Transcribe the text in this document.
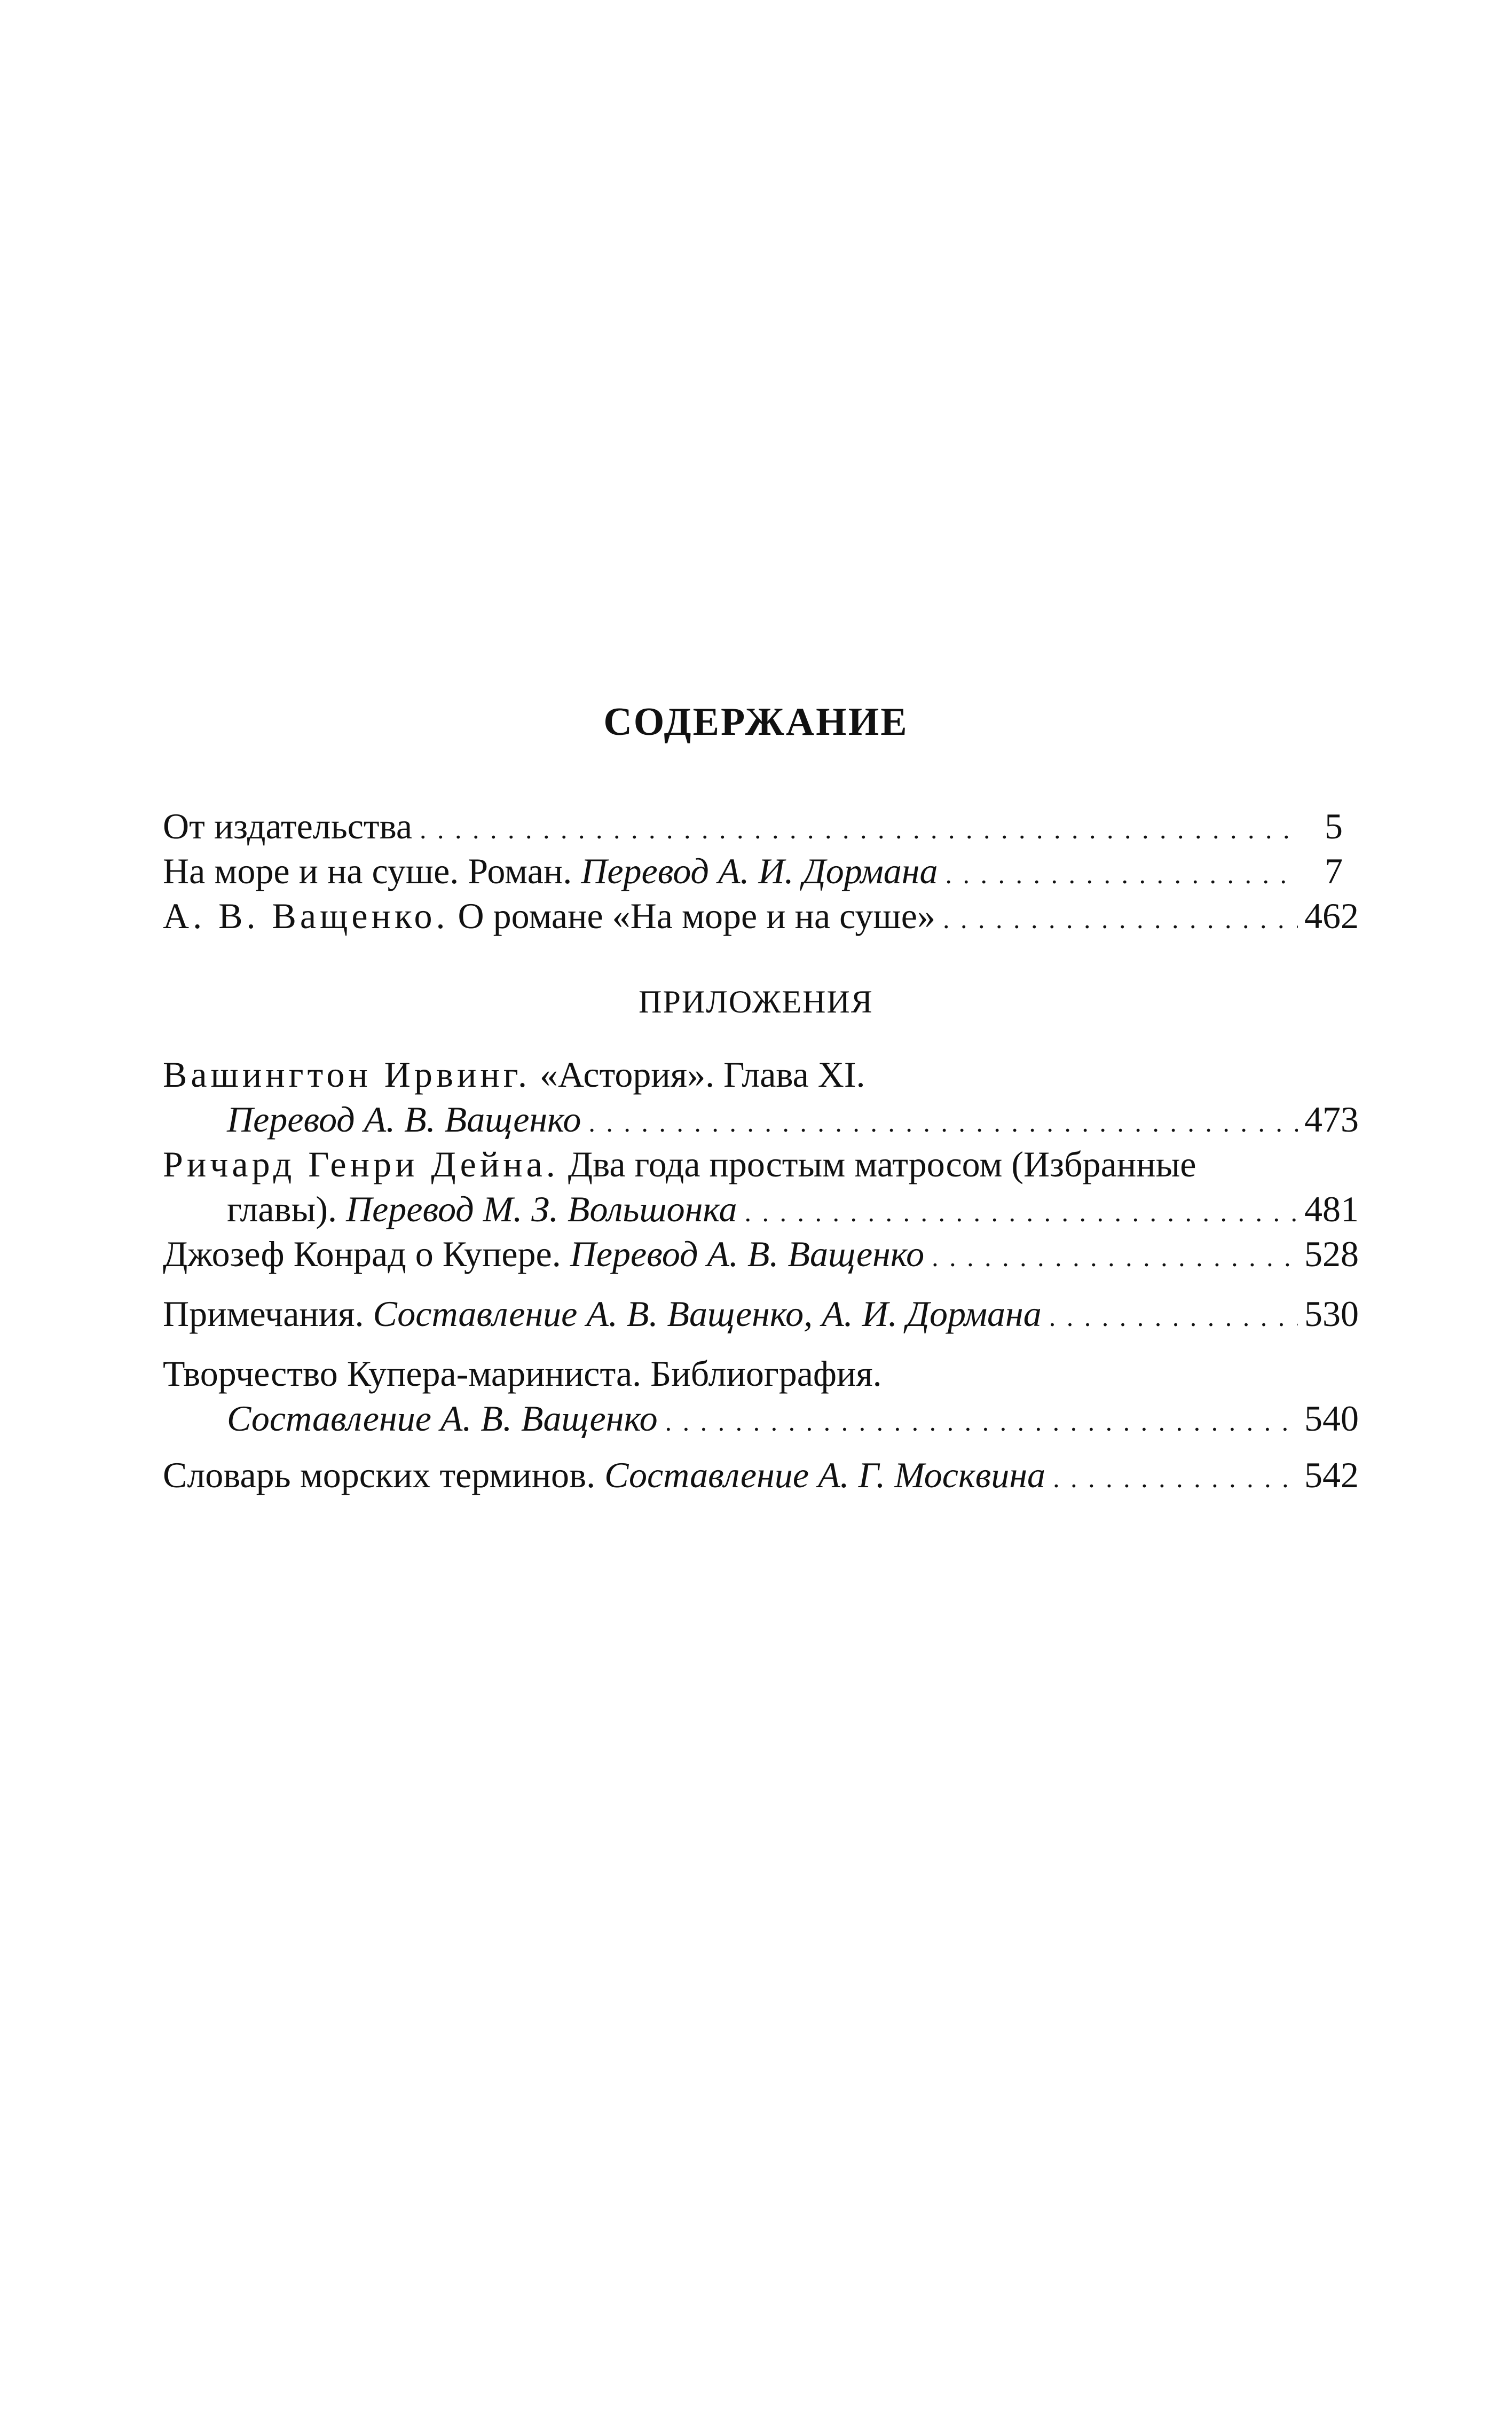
СОДЕРЖАНИЕ
От издательства . . .	5
На море и на суше. Роман.
Перевод А. И. Дормана . . .	7
А. В. Ващенко.
О романе «На море и на суше» . . .	462
ПРИЛОЖЕНИЯ
Вашингтон Ирвинг.
«Астория». Глава XI.
Перевод А. В. Ващенко . . .	473
Ричард Генри Дейна.
Два года простым матросом (Избранные
главы).
Перевод М. З. Вольшонка . . .	481
Джозеф Конрад о Купере.
Перевод А. В. Ващенко . . .	528
Примечания.
Составление А. В. Ващенко, А. И. Дормана . . .	530
Творчество Купера-мариниста. Библиография.
Составление А. В. Ващенко . . .	540
Словарь морских терминов.
Составление А. Г. Москвина . . .	542
